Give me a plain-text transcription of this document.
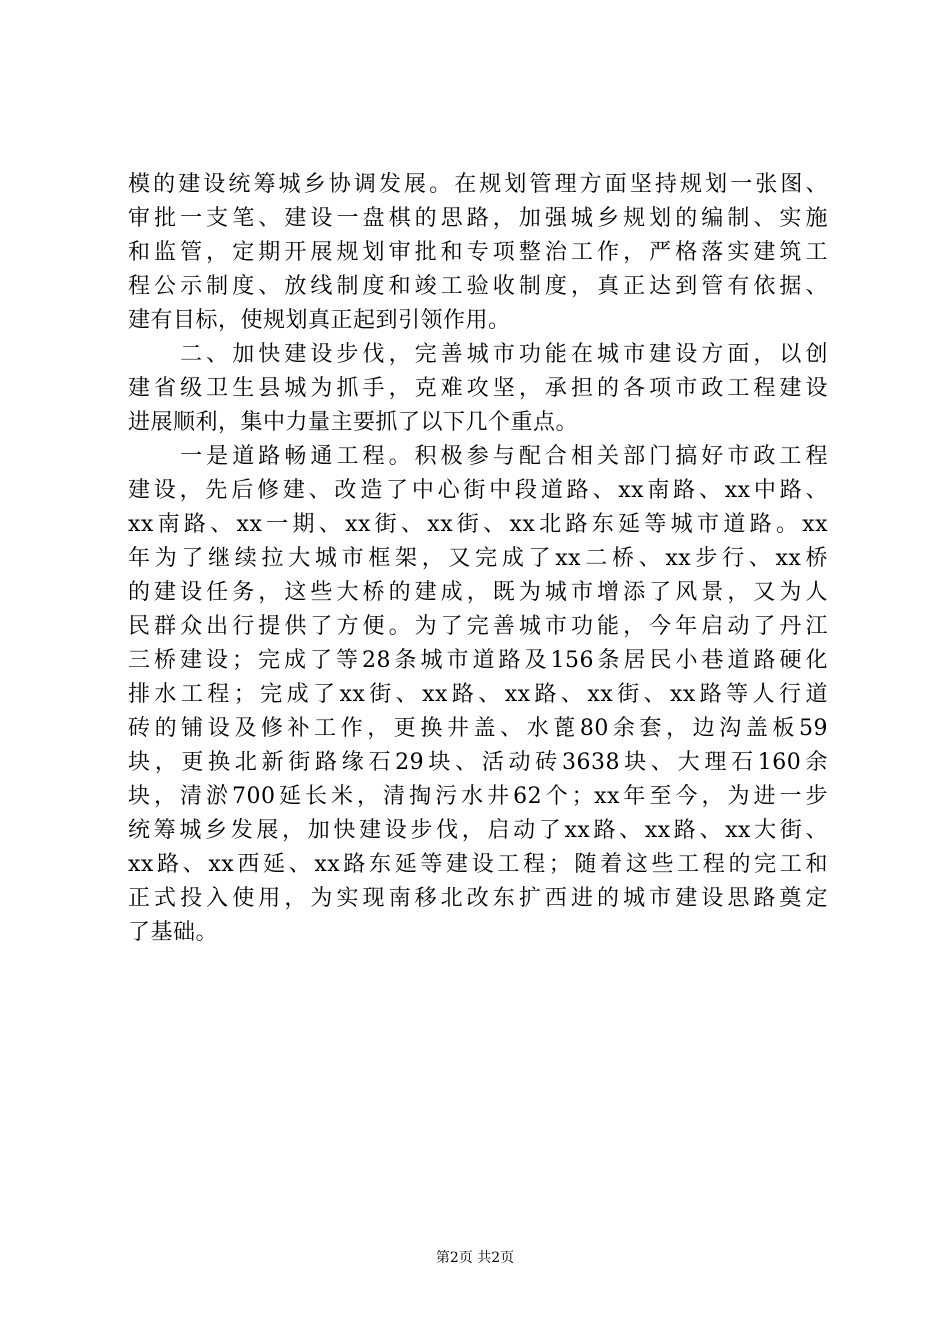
模的建设统筹城乡协调发展。在规划管理方面坚持规划一张图、
审批一支笔、建设一盘棋的思路，加强城乡规划的编制、实施
和监管，定期开展规划审批和专项整治工作，严格落实建筑工
程公示制度、放线制度和竣工验收制度，真正达到管有依据、
建有目标，使规划真正起到引领作用。
　　二、加快建设步伐，完善城市功能在城市建设方面，以创
建省级卫生县城为抓手，克难攻坚，承担的各项市政工程建设
进展顺利，集中力量主要抓了以下几个重点。
　　一是道路畅通工程。积极参与配合相关部门搞好市政工程
建设，先后修建、改造了中心街中段道路、xx南路、xx中路、
xx南路、xx一期、xx街、xx街、xx北路东延等城市道路。xx
年为了继续拉大城市框架，又完成了xx二桥、xx步行、xx桥
的建设任务，这些大桥的建成，既为城市增添了风景，又为人
民群众出行提供了方便。为了完善城市功能，今年启动了丹江
三桥建设；完成了等28条城市道路及156条居民小巷道路硬化
排水工程；完成了xx街、xx路、xx路、xx街、xx路等人行道
砖的铺设及修补工作，更换井盖、水蓖80余套，边沟盖板59
块，更换北新街路缘石29块、活动砖3638块、大理石160余
块，清淤700延长米，清掏污水井62个；xx年至今，为进一步
统筹城乡发展，加快建设步伐，启动了xx路、xx路、xx大街、
xx路、xx西延、xx路东延等建设工程；随着这些工程的完工和
正式投入使用，为实现南移北改东扩西进的城市建设思路奠定
了基础。
第2页 共2页
